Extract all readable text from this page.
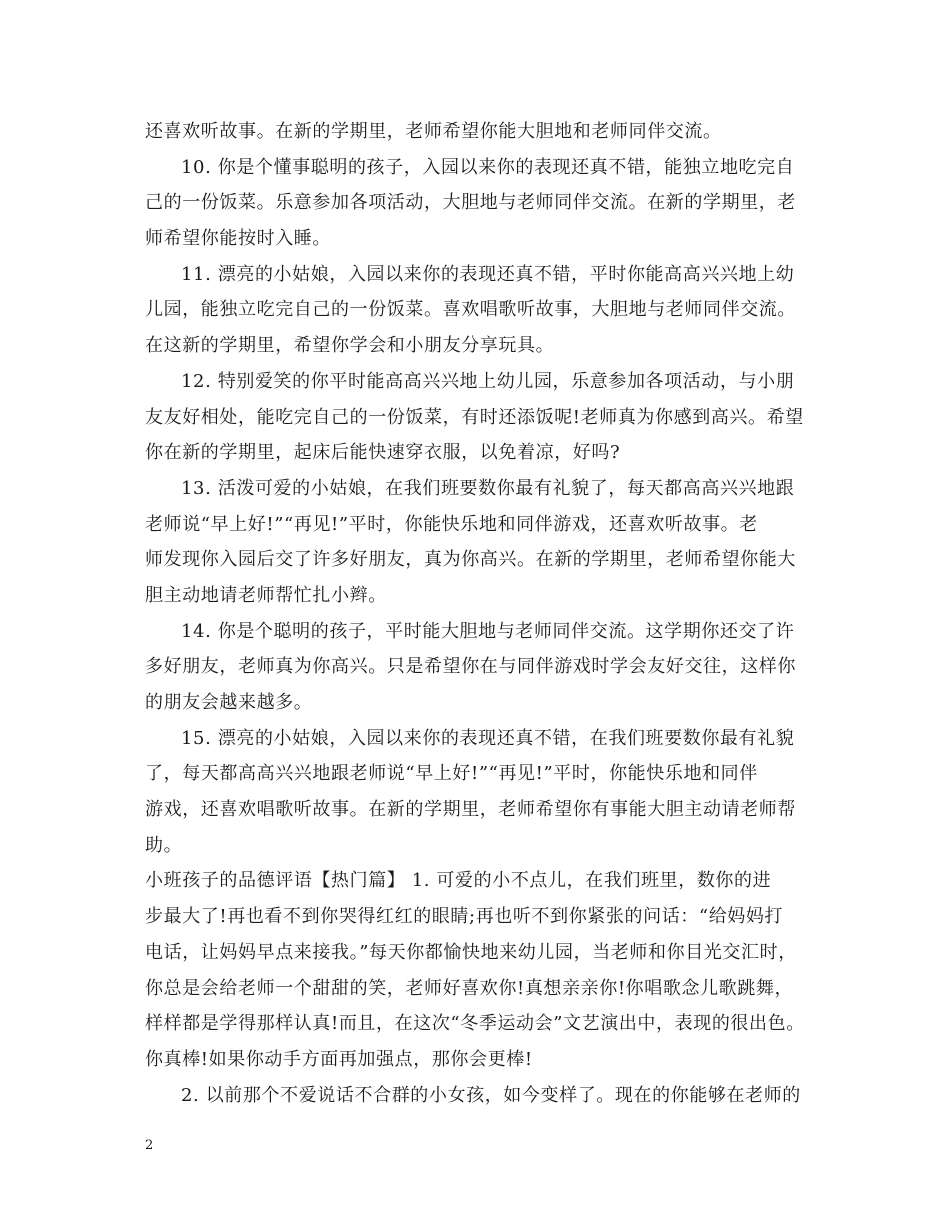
还喜欢听故事。在新的学期里，老师希望你能大胆地和老师同伴交流。
10. 你是个懂事聪明的孩子，入园以来你的表现还真不错，能独立地吃完自
己的一份饭菜。乐意参加各项活动，大胆地与老师同伴交流。在新的学期里，老
师希望你能按时入睡。
11. 漂亮的小姑娘，入园以来你的表现还真不错，平时你能高高兴兴地上幼
儿园，能独立吃完自己的一份饭菜。喜欢唱歌听故事，大胆地与老师同伴交流。
在这新的学期里，希望你学会和小朋友分享玩具。
12. 特别爱笑的你平时能高高兴兴地上幼儿园，乐意参加各项活动，与小朋
友友好相处，能吃完自己的一份饭菜，有时还添饭呢!老师真为你感到高兴。希望
你在新的学期里，起床后能快速穿衣服，以免着凉，好吗?
13. 活泼可爱的小姑娘，在我们班要数你最有礼貌了，每天都高高兴兴地跟
老师说“早上好!”“再见!”平时，你能快乐地和同伴游戏，还喜欢听故事。老
师发现你入园后交了许多好朋友，真为你高兴。在新的学期里，老师希望你能大
胆主动地请老师帮忙扎小辫。
14. 你是个聪明的孩子，平时能大胆地与老师同伴交流。这学期你还交了许
多好朋友，老师真为你高兴。只是希望你在与同伴游戏时学会友好交往，这样你
的朋友会越来越多。
15. 漂亮的小姑娘，入园以来你的表现还真不错，在我们班要数你最有礼貌
了，每天都高高兴兴地跟老师说“早上好!”“再见!”平时，你能快乐地和同伴
游戏，还喜欢唱歌听故事。在新的学期里，老师希望你有事能大胆主动请老师帮
助。
小班孩子的品德评语【热门篇】 1. 可爱的小不点儿，在我们班里，数你的进
步最大了!再也看不到你哭得红红的眼睛;再也听不到你紧张的问话：“给妈妈打
电话，让妈妈早点来接我。”每天你都愉快地来幼儿园，当老师和你目光交汇时，
你总是会给老师一个甜甜的笑，老师好喜欢你!真想亲亲你!你唱歌念儿歌跳舞，
样样都是学得那样认真!而且，在这次“冬季运动会”文艺演出中，表现的很出色。
你真棒!如果你动手方面再加强点，那你会更棒!
2. 以前那个不爱说话不合群的小女孩，如今变样了。现在的你能够在老师的
2
